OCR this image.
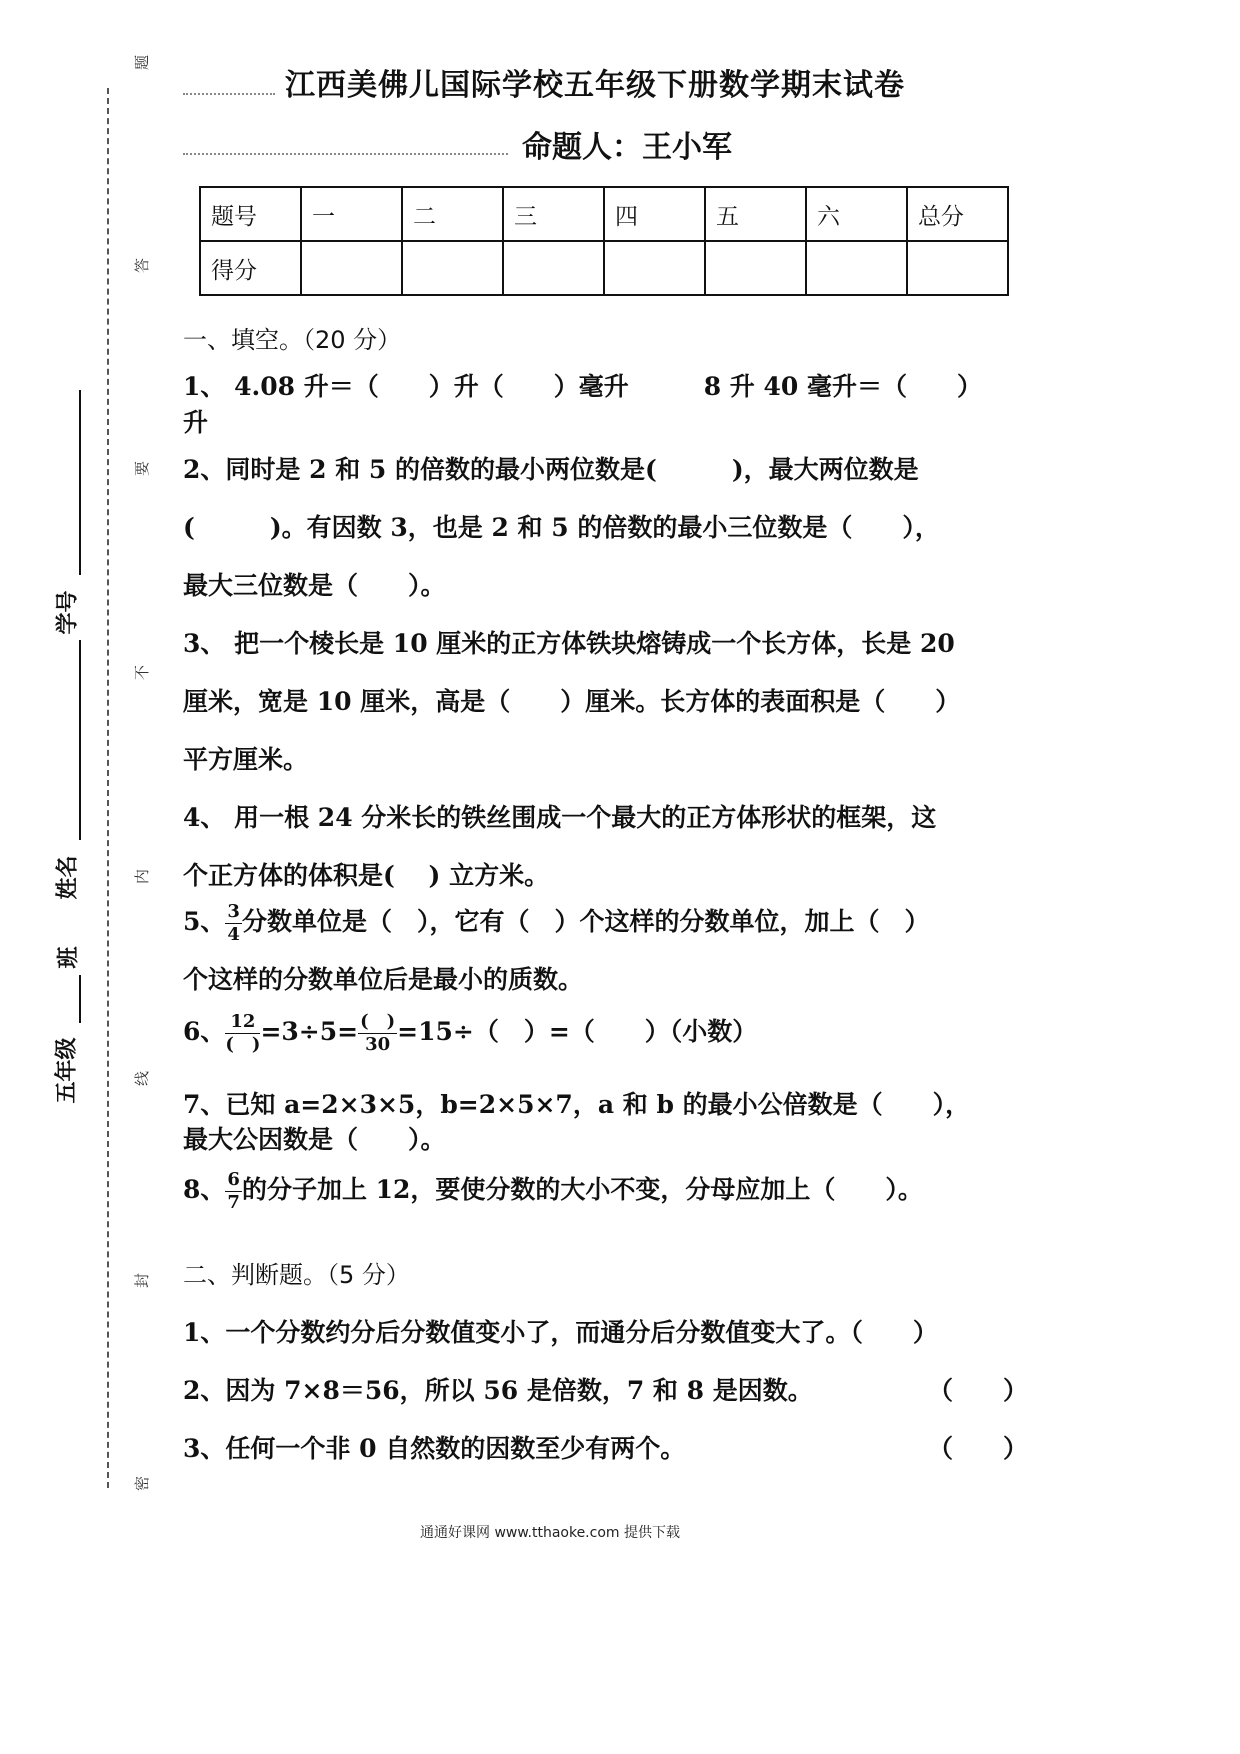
题
答
要
不
内
线
封
密
学号
姓名
班
五年级
江西美佛儿国际学校五年级下册数学期末试卷
命题人：王小军
题号	一	二	三	四	五	六	总分
得分							
一、填空。（20 分）
1、 4.08 升＝（　　）升（　　）毫升　　　8 升 40 毫升＝（　　）
升
2、同时是 2 和 5 的倍数的最小两位数是(　　　)，最大两位数是
(　　　)。有因数 3，也是 2 和 5 的倍数的最小三位数是（　　），
最大三位数是（　　）。
3、 把一个棱长是 10 厘米的正方体铁块熔铸成一个长方体，长是 20
厘米，宽是 10 厘米，高是（　　）厘米。长方体的表面积是（　　）
平方厘米。
4、 用一根 24 分米长的铁丝围成一个最大的正方体形状的框架，这
个正方体的体积是(　 ) 立方米。
5、 $\frac{3}{4}$ 分数单位是（　），它有（　）个这样的分数单位，加上（　）
个这样的分数单位后是最小的质数。
6、 $\frac{12}{( )} =3\div 5= \frac{( )}{30} =15\div$（　）=（　　）（小数）
7、已知 a=2×3×5，b=2×5×7，a 和 b 的最小公倍数是（　　），
最大公因数是（　　）。
8、 $\frac{6}{7}$ 的分子加上 12，要使分数的大小不变，分母应加上（　　）。
二、判断题。（5 分）
1、一个分数约分后分数值变小了，而通分后分数值变大了。（　　）
2、因为 7×8＝56，所以 56 是倍数，7 和 8 是因数。	（　　）
3、任何一个非 0 自然数的因数至少有两个。	（　　）
通通好课网 www.tthaoke.com 提供下载
